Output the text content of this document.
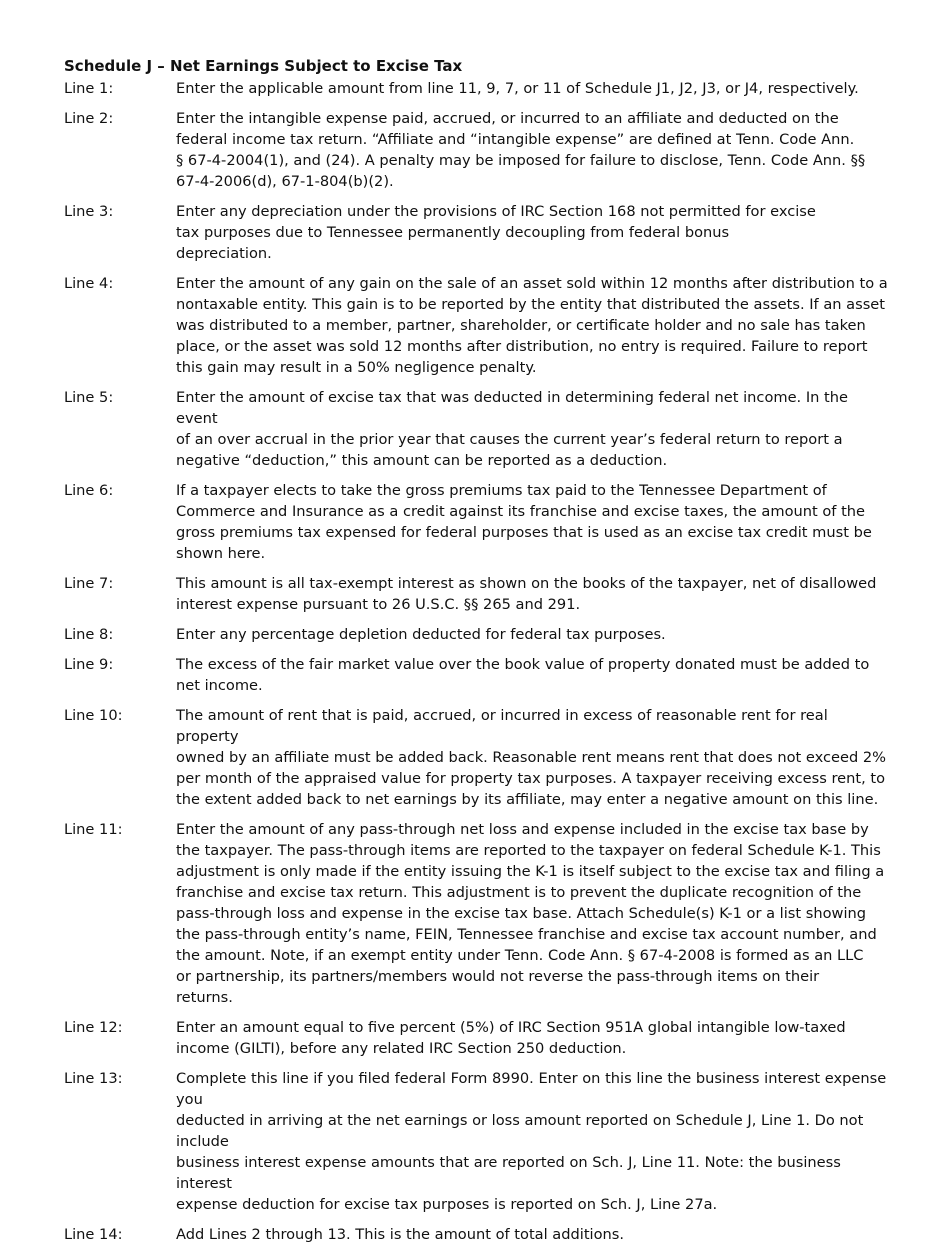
Schedule J – Net Earnings Subject to Excise Tax
Line 1:	Enter the applicable amount from line 11, 9, 7, or 11 of Schedule J1, J2, J3, or J4, respectively.
Line 2:	Enter the intangible expense paid, accrued, or incurred to an affiliate and deducted on the
federal income tax return. “Affiliate and “intangible expense” are defined at Tenn. Code Ann.
§ 67-4-2004(1), and (24). A penalty may be imposed for failure to disclose, Tenn. Code Ann. §§
67-4-2006(d), 67-1-804(b)(2).
Line 3:	Enter any depreciation under the provisions of IRC Section 168 not permitted for excise
tax purposes due to Tennessee permanently decoupling from federal bonus
depreciation.
Line 4:	Enter the amount of any gain on the sale of an asset sold within 12 months after distribution to a
nontaxable entity. This gain is to be reported by the entity that distributed the assets. If an asset
was distributed to a member, partner, shareholder, or certificate holder and no sale has taken
place, or the asset was sold 12 months after distribution, no entry is required. Failure to report
this gain may result in a 50% negligence penalty.
Line 5:	Enter the amount of excise tax that was deducted in determining federal net income. In the event
of an over accrual in the prior year that causes the current year’s federal return to report a
negative “deduction,” this amount can be reported as a deduction.
Line 6:	If a taxpayer elects to take the gross premiums tax paid to the Tennessee Department of
Commerce and Insurance as a credit against its franchise and excise taxes, the amount of the
gross premiums tax expensed for federal purposes that is used as an excise tax credit must be
shown here.
Line 7:	This amount is all tax-exempt interest as shown on the books of the taxpayer, net of disallowed
interest expense pursuant to 26 U.S.C. §§ 265 and 291.
Line 8:	Enter any percentage depletion deducted for federal tax purposes.
Line 9:	The excess of the fair market value over the book value of property donated must be added to
net income.
Line 10:	The amount of rent that is paid, accrued, or incurred in excess of reasonable rent for real property
owned by an affiliate must be added back. Reasonable rent means rent that does not exceed 2%
per month of the appraised value for property tax purposes. A taxpayer receiving excess rent, to
the extent added back to net earnings by its affiliate, may enter a negative amount on this line.
Line 11:	Enter the amount of any pass-through net loss and expense included in the excise tax base by
the taxpayer. The pass-through items are reported to the taxpayer on federal Schedule K-1. This
adjustment is only made if the entity issuing the K-1 is itself subject to the excise tax and filing a
franchise and excise tax return. This adjustment is to prevent the duplicate recognition of the
pass-through loss and expense in the excise tax base. Attach Schedule(s) K-1 or a list showing
the pass-through entity’s name, FEIN, Tennessee franchise and excise tax account number, and
the amount. Note, if an exempt entity under Tenn. Code Ann. § 67-4-2008 is formed as an LLC
or partnership, its partners/members would not reverse the pass-through items on their
returns.
Line 12:	Enter an amount equal to five percent (5%) of IRC Section 951A global intangible low-taxed
income (GILTI), before any related IRC Section 250 deduction.
Line 13:	Complete this line if you filed federal Form 8990. Enter on this line the business interest expense you
deducted in arriving at the net earnings or loss amount reported on Schedule J, Line 1. Do not include
business interest expense amounts that are reported on Sch. J, Line 11. Note: the business interest
expense deduction for excise tax purposes is reported on Sch. J, Line 27a.
Line 14:	Add Lines 2 through 13. This is the amount of total additions.
